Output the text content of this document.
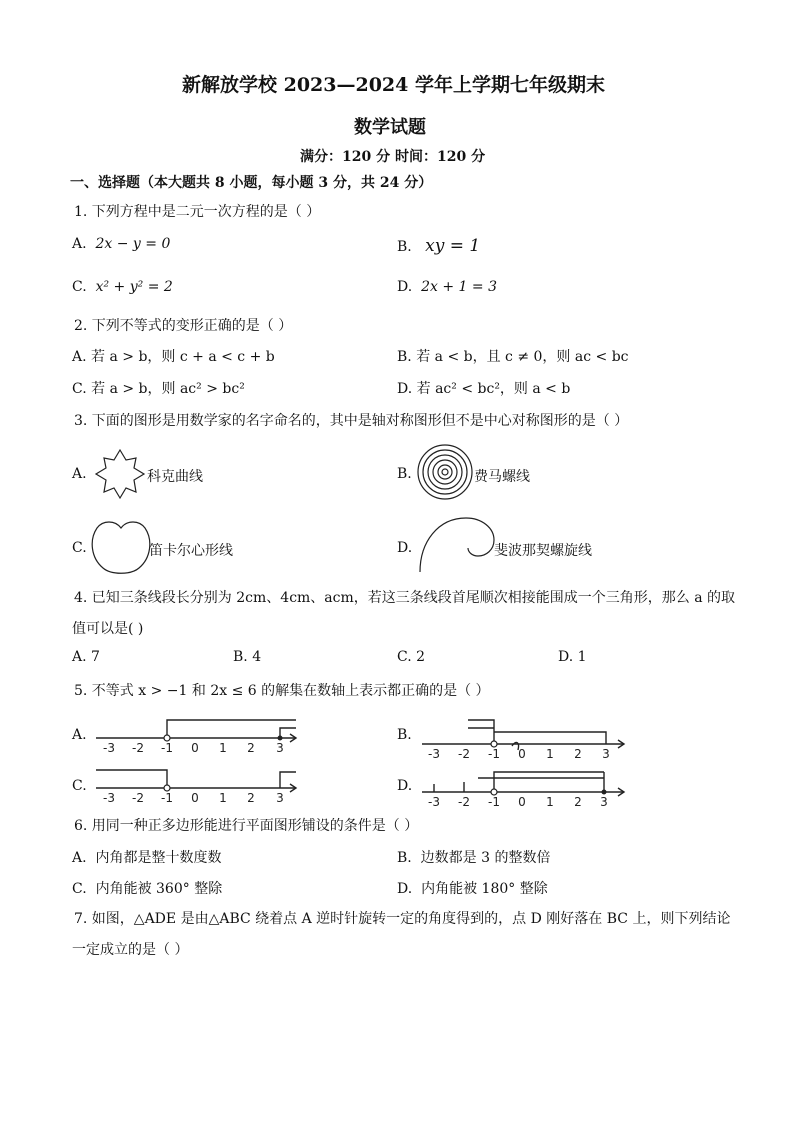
新解放学校 2023—2024 学年上学期七年级期末
数学试题
满分：120 分 时间：120 分
一、选择题（本大题共 8 小题，每小题 3 分，共 24 分）
1. 下列方程中是二元一次方程的是（ ）
A. 2x − y = 0	B. xy = 1
C. x² + y² = 2	D. 2x + 1 = 3
2. 下列不等式的变形正确的是（ ）
A. 若 a > b，则 c + a < c + b	B. 若 a < b，且 c ≠ 0，则 ac < bc
C. 若 a > b，则 ac² > bc²	D. 若 ac² < bc²，则 a < b
3. 下面的图形是用数学家的名字命名的，其中是轴对称图形但不是中心对称图形的是（ ）
A.	科克曲线	B.	费马螺线
C.	笛卡尔心形线	D.	斐波那契螺旋线
4. 已知三条线段长分别为 2cm、4cm、acm，若这三条线段首尾顺次相接能围成一个三角形，那么 a 的取
值可以是( )
A. 7	B. 4	C. 2	D. 1
5. 不等式 x > −1 和 2x ≤ 6 的解集在数轴上表示都正确的是（ ）
A.
-3 -2 -1 0 1 2 3
B.
-3 -2 -1 0 1 2 3
C.
-3 -2 -1 0 1 2 3
D.
-3 -2 -1 0 1 2 3
6. 用同一种正多边形能进行平面图形铺设的条件是（ ）
A. 内角都是整十数度数	B. 边数都是 3 的整数倍
C. 内角能被 360° 整除	D. 内角能被 180° 整除
7. 如图，△ADE 是由△ABC 绕着点 A 逆时针旋转一定的角度得到的，点 D 刚好落在 BC 上，则下列结论
一定成立的是（ ）
